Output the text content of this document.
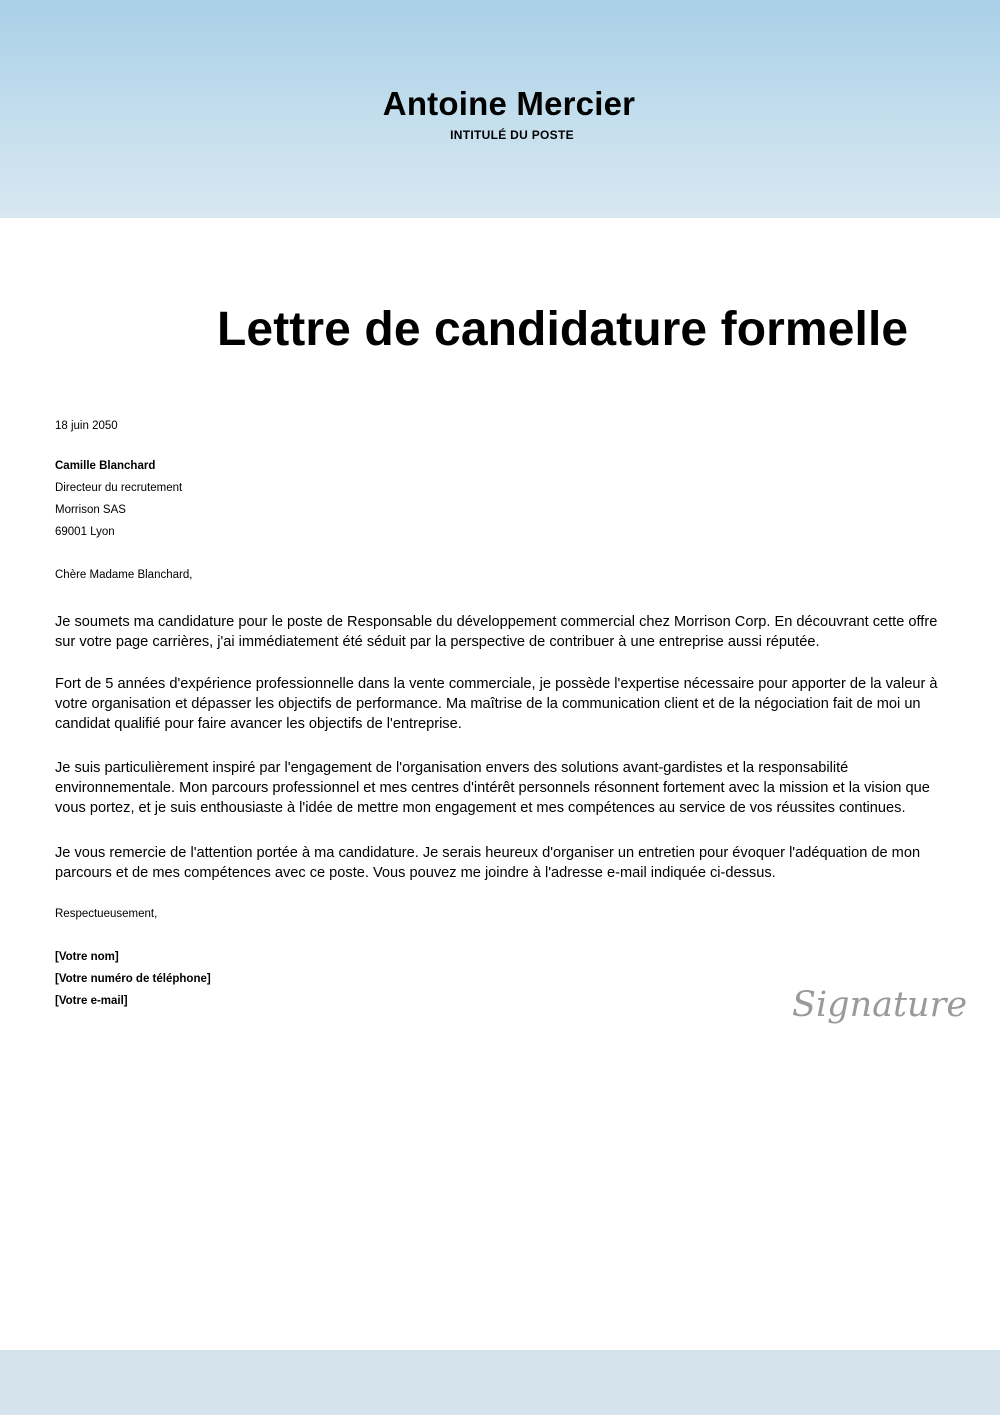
Antoine Mercier
INTITULÉ DU POSTE
Lettre de candidature formelle
18 juin 2050
Camille Blanchard
Directeur du recrutement
Morrison SAS
69001 Lyon
Chère Madame Blanchard,
Je soumets ma candidature pour le poste de Responsable du développement commercial chez Morrison Corp. En découvrant cette offre sur votre page carrières, j'ai immédiatement été séduit par la perspective de contribuer à une entreprise aussi réputée.
Fort de 5 années d'expérience professionnelle dans la vente commerciale, je possède l'expertise nécessaire pour apporter de la valeur à votre organisation et dépasser les objectifs de performance. Ma maîtrise de la communication client et de la négociation fait de moi un candidat qualifié pour faire avancer les objectifs de l'entreprise.
Je suis particulièrement inspiré par l'engagement de l'organisation envers des solutions avant-gardistes et la responsabilité environnementale. Mon parcours professionnel et mes centres d'intérêt personnels résonnent fortement avec la mission et la vision que vous portez, et je suis enthousiaste à l'idée de mettre mon engagement et mes compétences au service de vos réussites continues.
Je vous remercie de l'attention portée à ma candidature. Je serais heureux d'organiser un entretien pour évoquer l'adéquation de mon parcours et de mes compétences avec ce poste. Vous pouvez me joindre à l'adresse e-mail indiquée ci-dessus.
Respectueusement,
[Votre nom]
[Votre numéro de téléphone]
[Votre e-mail]	Signature
